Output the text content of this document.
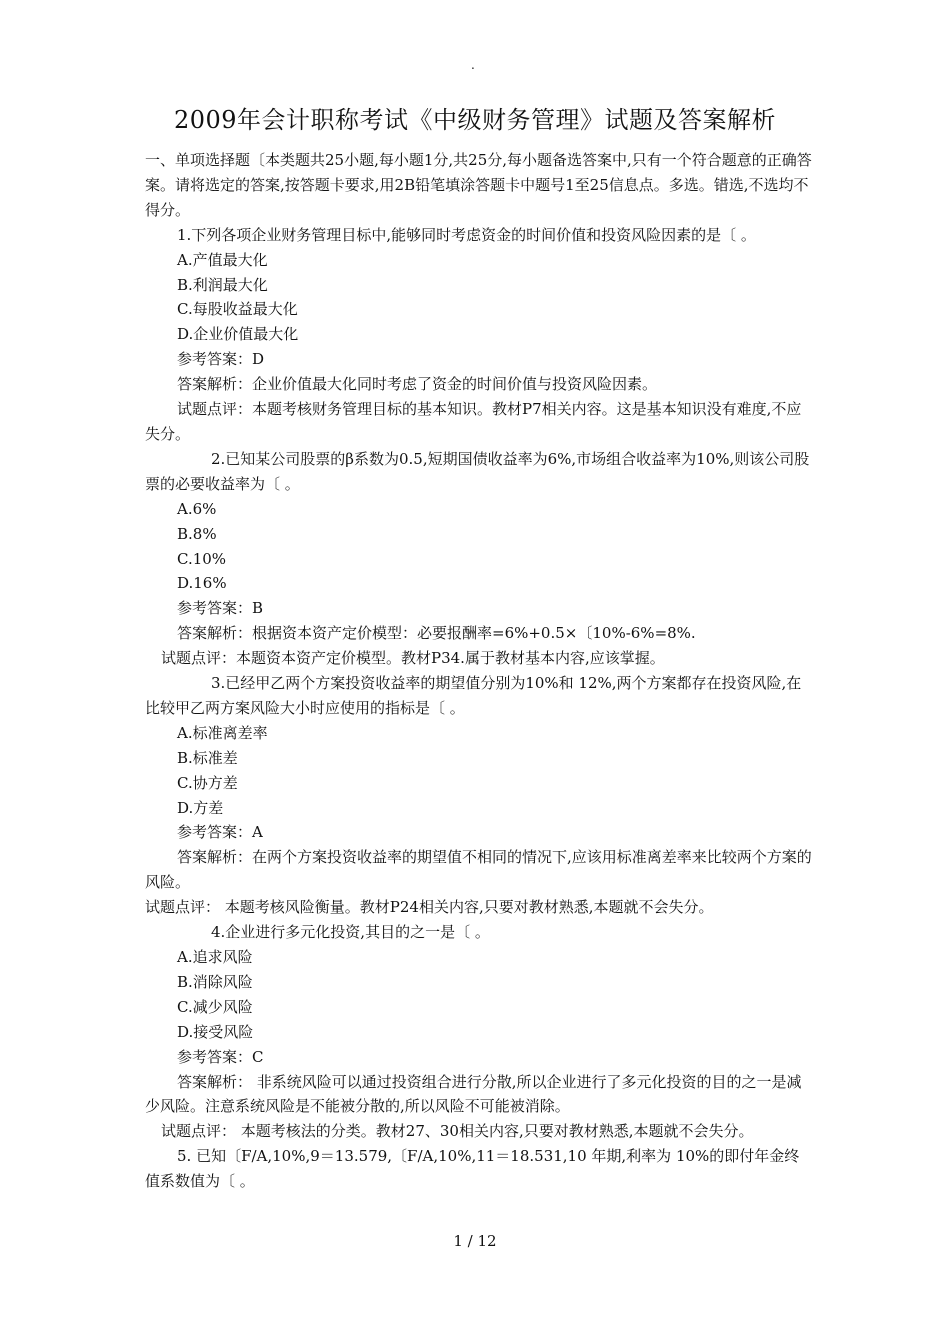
.
2009年会计职称考试《中级财务管理》试题及答案解析

一、单项选择题〔本类题共25小题,每小题1分,共25分,每小题备选答案中,只有一个符合题意的正确答案。请将选定的答案,按答题卡要求,用2B铅笔填涂答题卡中题号1至25信息点。多选。错选,不选均不得分。

1.下列各项企业财务管理目标中,能够同时考虑资金的时间价值和投资风险因素的是〔 。

A.产值最大化

B.利润最大化

C.每股收益最大化

D.企业价值最大化

参考答案：D

答案解析：企业价值最大化同时考虑了资金的时间价值与投资风险因素。

试题点评：本题考核财务管理目标的基本知识。教材P7相关内容。这是基本知识没有难度,不应失分。

2.已知某公司股票的β系数为0.5,短期国债收益率为6%,市场组合收益率为10%,则该公司股票的必要收益率为〔 。

A.6%

B.8%

C.10%

D.16%

参考答案：B

答案解析：根据资本资产定价模型：必要报酬率=6%+0.5×〔10%-6%=8%.

试题点评：本题资本资产定价模型。教材P34.属于教材基本内容,应该掌握。

3.已经甲乙两个方案投资收益率的期望值分别为10%和 12%,两个方案都存在投资风险,在比较甲乙两方案风险大小时应使用的指标是〔 。

A.标准离差率

B.标准差

C.协方差

D.方差

参考答案：A

答案解析：在两个方案投资收益率的期望值不相同的情况下,应该用标准离差率来比较两个方案的风险。

试题点评： 本题考核风险衡量。教材P24相关内容,只要对教材熟悉,本题就不会失分。

4.企业进行多元化投资,其目的之一是〔 。

A.追求风险

B.消除风险

C.减少风险

D.接受风险

参考答案：C

答案解析： 非系统风险可以通过投资组合进行分散,所以企业进行了多元化投资的目的之一是减少风险。注意系统风险是不能被分散的,所以风险不可能被消除。

试题点评： 本题考核法的分类。教材27、30相关内容,只要对教材熟悉,本题就不会失分。

5. 已知〔F/A,10%,9＝13.579,〔F/A,10%,11＝18.531,10 年期,利率为 10%的即付年金终值系数值为〔 。

1 / 12
